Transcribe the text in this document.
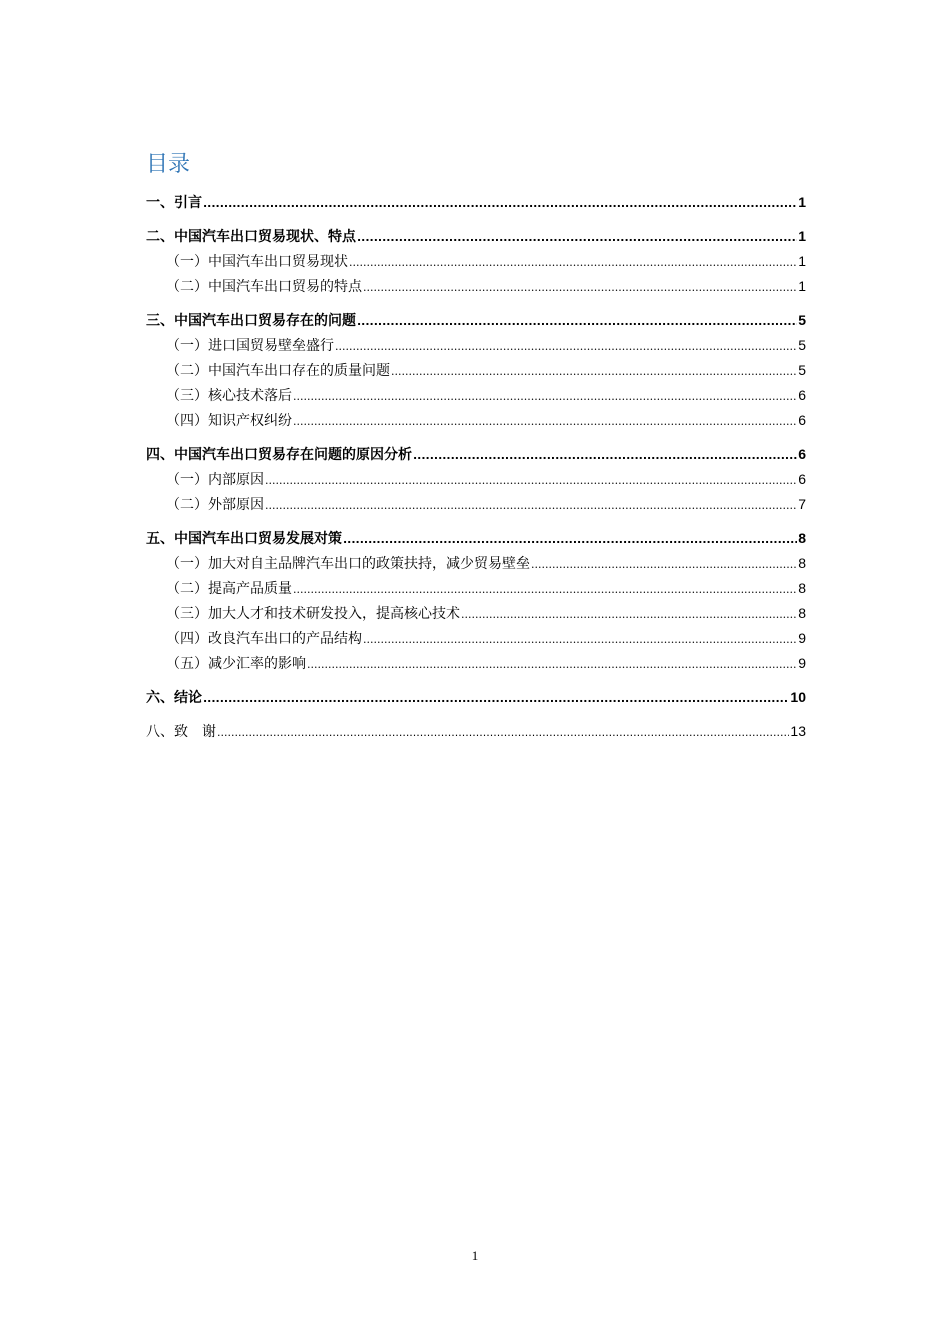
目录
一、引言 .....	1
二、中国汽车出口贸易现状、特点 .....	1
（一）中国汽车出口贸易现状 .....	1
（二）中国汽车出口贸易的特点 .....	1
三、中国汽车出口贸易存在的问题 .....	5
（一）进口国贸易壁垒盛行 .....	5
（二）中国汽车出口存在的质量问题 .....	5
（三）核心技术落后 .....	6
（四）知识产权纠纷 .....	6
四、中国汽车出口贸易存在问题的原因分析 .....	6
（一）内部原因 .....	6
（二）外部原因 .....	7
五、中国汽车出口贸易发展对策 .....	8
（一）加大对自主品牌汽车出口的政策扶持，减少贸易壁垒 .....	8
（二）提高产品质量 .....	8
（三）加大人才和技术研发投入，提高核心技术 .....	8
（四）改良汽车出口的产品结构 .....	9
（五）减少汇率的影响 .....	9
六、结论 .....	10
八、致　谢 .....	13
1
